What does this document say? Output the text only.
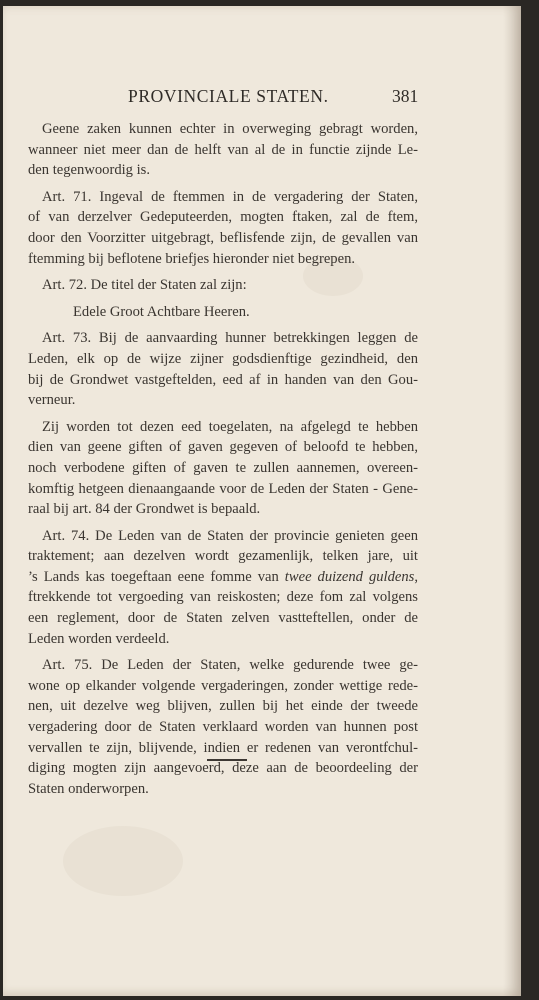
PROVINCIALE STATEN.	381
Geene zaken kunnen echter in overweging gebragt worden,
wanneer niet meer dan de helft van al de in functie zijnde Le-
den tegenwoordig is.
Art. 71. Ingeval de ftemmen in de vergadering der Staten,
of van derzelver Gedeputeerden, mogten ftaken, zal de ftem,
door den Voorzitter uitgebragt, beflisfende zijn, de gevallen van
ftemming bij beflotene briefjes hieronder niet begrepen.
Art. 72. De titel der Staten zal zijn:
Edele Groot Achtbare Heeren.
Art. 73. Bij de aanvaarding hunner betrekkingen leggen de
Leden, elk op de wijze zijner godsdienftige gezindheid, den
bij de Grondwet vastgeftelden, eed af in handen van den Gou-
verneur.
Zij worden tot dezen eed toegelaten, na afgelegd te hebben
dien van geene giften of gaven gegeven of beloofd te hebben,
noch verbodene giften of gaven te zullen aannemen, overeen-
komftig hetgeen dienaangaande voor de Leden der Staten - Gene-
raal bij art. 84 der Grondwet is bepaald.
Art. 74. De Leden van de Staten der provincie genieten geen
traktement; aan dezelven wordt gezamenlijk, telken jare, uit
’s Lands kas toegeftaan eene fomme van twee duizend guldens,
ftrekkende tot vergoeding van reiskosten; deze fom zal volgens
een reglement, door de Staten zelven vastteftellen, onder de
Leden worden verdeeld.
Art. 75. De Leden der Staten, welke gedurende twee ge-
wone op elkander volgende vergaderingen, zonder wettige rede-
nen, uit dezelve weg blijven, zullen bij het einde der tweede
vergadering door de Staten verklaard worden van hunnen post
vervallen te zijn, blijvende, indien er redenen van verontfchul-
diging mogten zijn aangevoerd, deze aan de beoordeeling der
Staten onderworpen.
